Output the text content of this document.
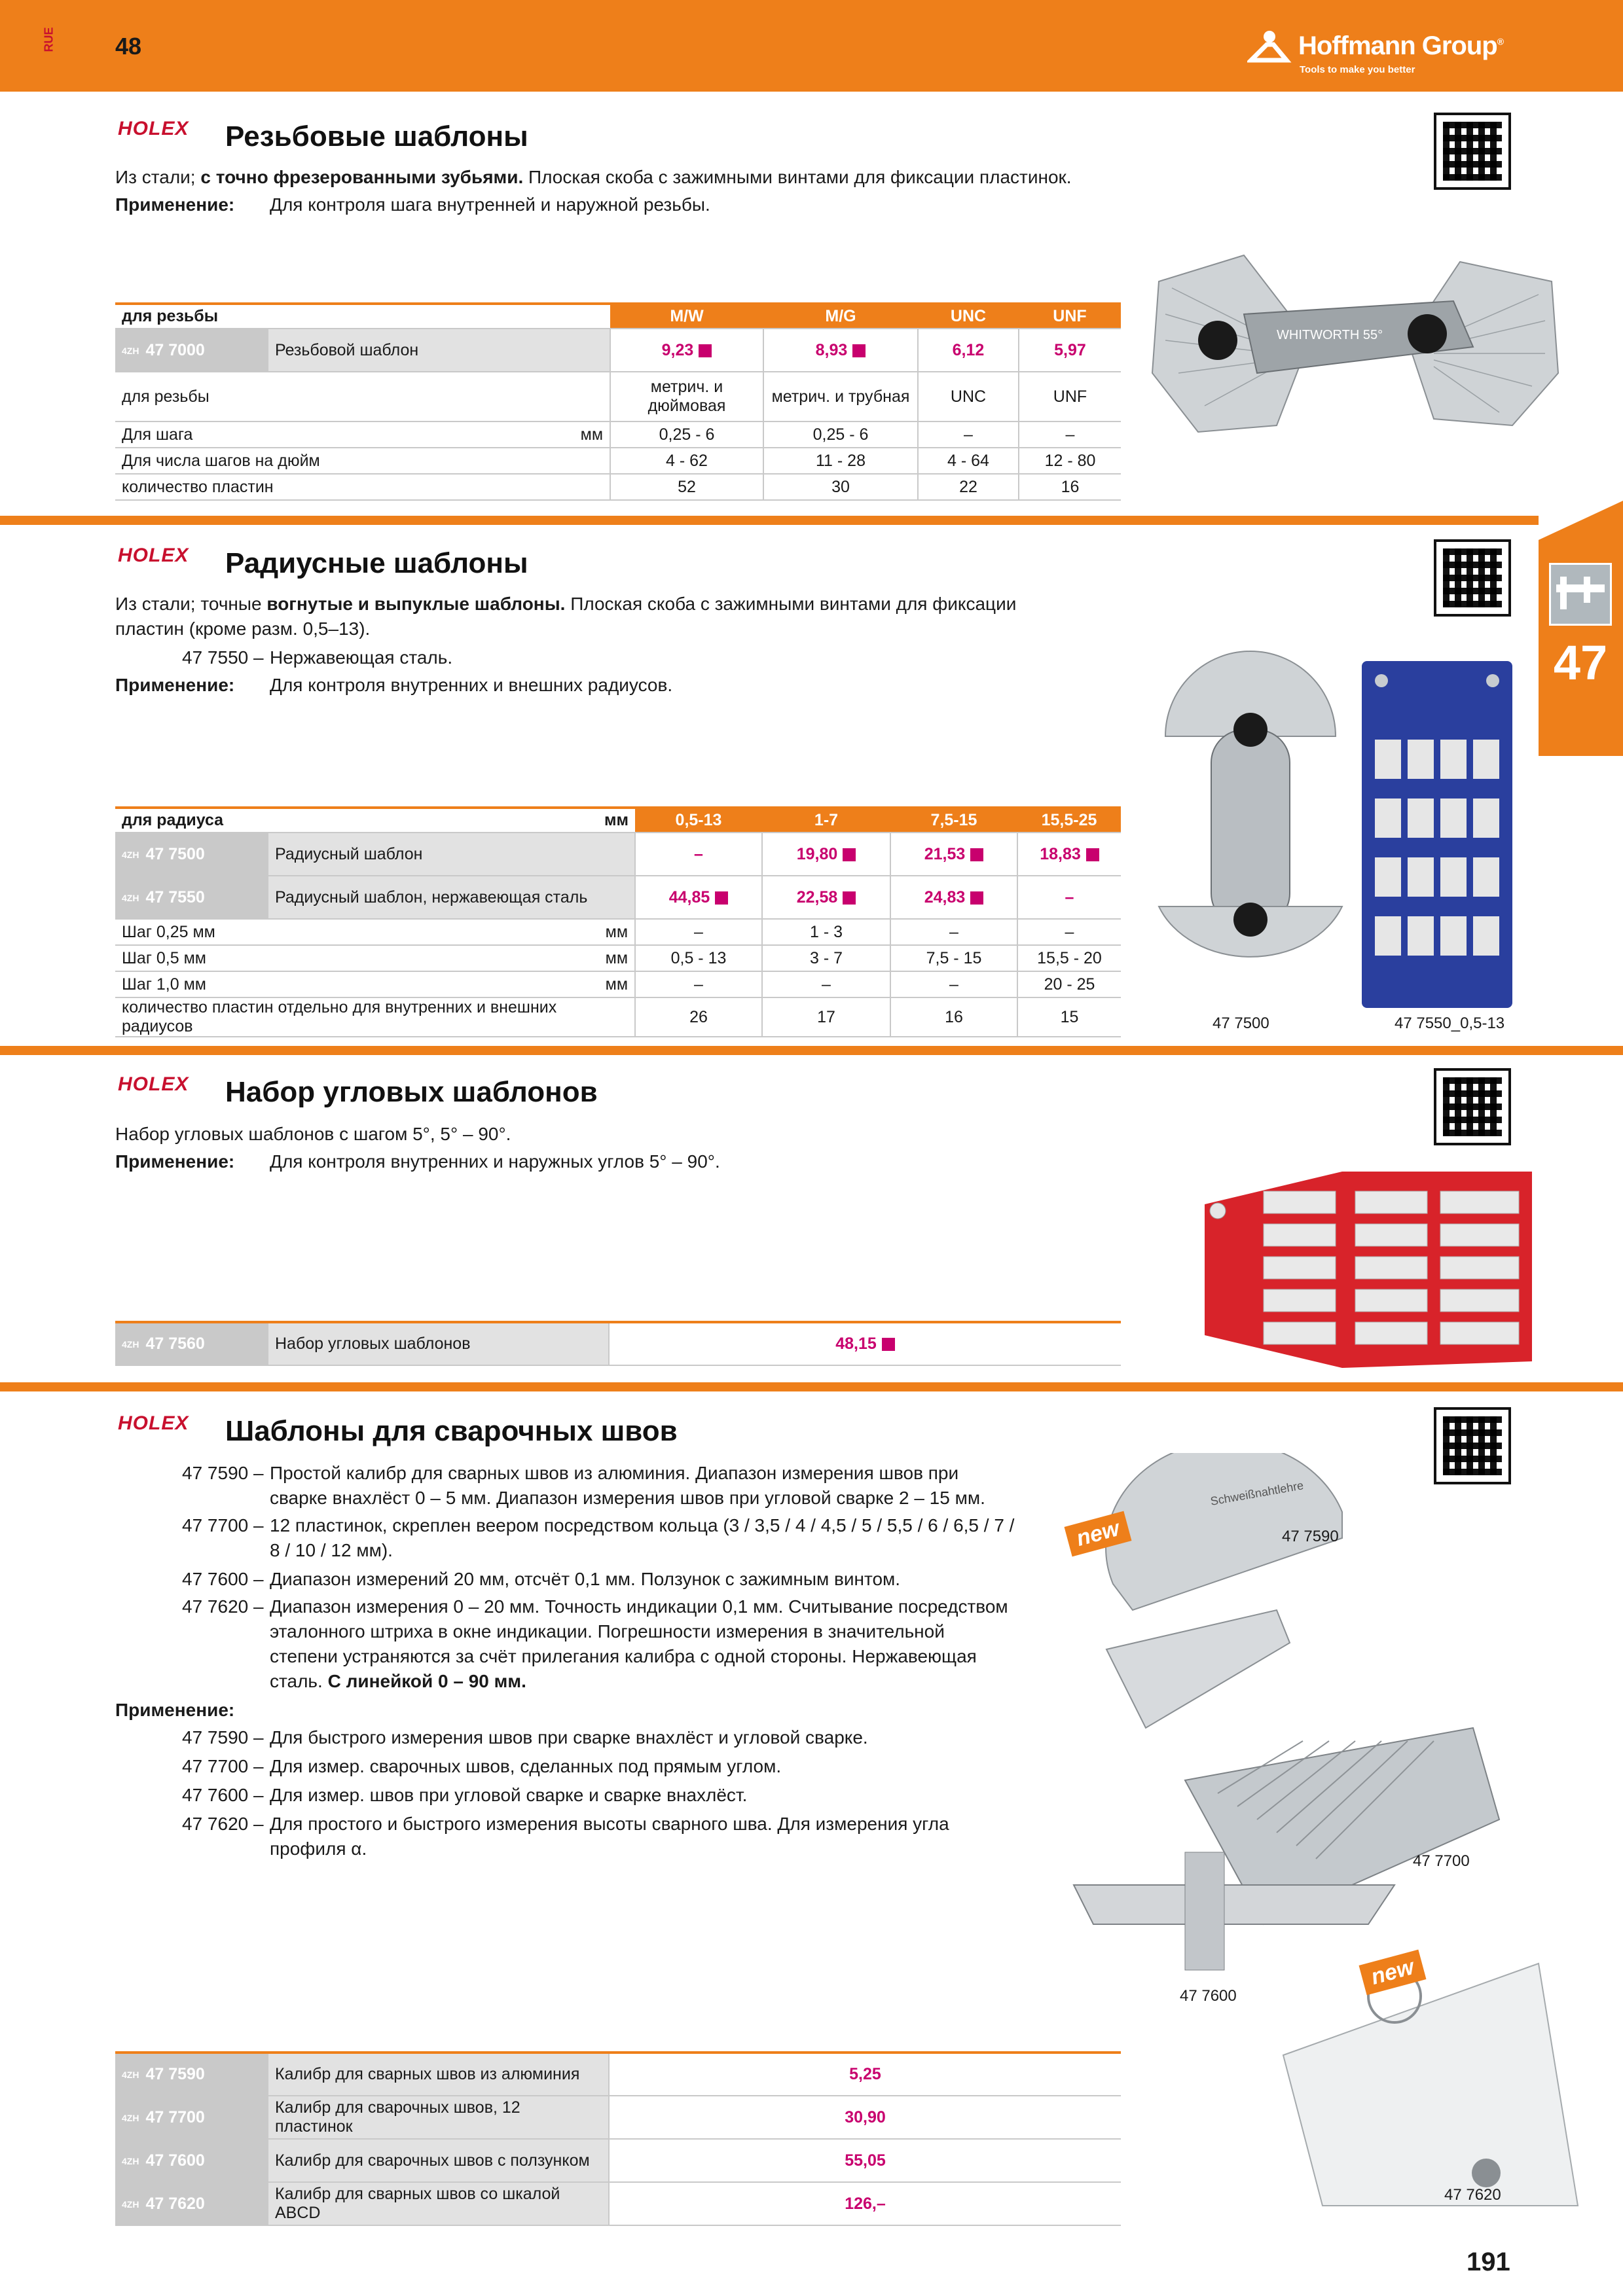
RUE	48	Hoffmann Group®
Tools to make you better
47
HOLEX Резьбовые шаблоны
Из стали; с точно фрезерованными зубьями. Плоская скоба с зажимными винтами для фиксации пластинок.
Применение: Для контроля шага внутренней и наружной резьбы.
WHITWORTH 55°
для резьбы		M/W	M/G	UNC	UNF
4ZH 47 7000	Резьбовой шаблон	9,23	8,93	6,12	5,97
для резьбы		метрич. и дюймовая	метрич. и трубная	UNC	UNF
Для шага	мм	0,25 - 6	0,25 - 6	–	–
Для числа шагов на дюйм		4 - 62	11 - 28	4 - 64	12 - 80
количество пластин		52	30	22	16
HOLEX Радиусные шаблоны
Из стали; точные вогнутые и выпуклые шаблоны. Плоская скоба с зажимными винтами для фиксации
пластин (кроме разм. 0,5–13).
47 7550 – Нержавеющая сталь.
Применение: Для контроля внутренних и внешних радиусов.
47 7500	47 7550_0,5-13
для радиуса	мм	0,5-13	1-7	7,5-15	15,5-25
4ZH 47 7500	Радиусный шаблон	–	19,80	21,53	18,83
4ZH 47 7550	Радиусный шаблон, нержавеющая сталь	44,85	22,58	24,83	–
Шаг 0,25 мм	мм	–	1 - 3	–	–
Шаг 0,5 мм	мм	0,5 - 13	3 - 7	7,5 - 15	15,5 - 20
Шаг 1,0 мм	мм	–	–	–	20 - 25
количество пластин отдельно для внутренних и внешних радиусов		26	17	16	15
HOLEX Набор угловых шаблонов
Набор угловых шаблонов с шагом 5°, 5° – 90°.
Применение: Для контроля внутренних и наружных углов 5° – 90°.
4ZH 47 7560	Набор угловых шаблонов	48,15
HOLEX Шаблоны для сварочных швов
47 7590 – Простой калибр для сварных швов из алюминия. Диапазон измерения швов при
сварке внахлёст 0 – 5 мм. Диапазон измерения швов при угловой сварке 2 – 15 мм.
47 7700 – 12 пластинок, скреплен веером посредством кольца (3 / 3,5 / 4 / 4,5 / 5 / 5,5 / 6 / 6,5 / 7 /
8 / 10 / 12 мм).
47 7600 – Диапазон измерений 20 мм, отсчёт 0,1 мм. Ползунок с зажимным винтом.
47 7620 – Диапазон измерения 0 – 20 мм. Точность индикации 0,1 мм. Считывание посредством
эталонного штриха в окне индикации. Погрешности измерения в значительной
степени устраняются за счёт прилегания калибра с одной стороны. Нержавеющая
сталь. С линейкой 0 – 90 мм.
Применение:
47 7590 – Для быстрого измерения швов при сварке внахлёст и угловой сварке.
47 7700 – Для измер. сварочных швов, сделанных под прямым углом.
47 7600 – Для измер. швов при угловой сварке и сварке внахлёст.
47 7620 – Для простого и быстрого измерения высоты сварного шва. Для измерения угла
профиля α.
Schweißnahtlehre
new
new
47 7590
47 7700
47 7600
47 7620
4ZH 47 7590	Калибр для сварных швов из алюминия	5,25
4ZH 47 7700	Калибр для сварочных швов, 12 пластинок	30,90
4ZH 47 7600	Калибр для сварочных швов с ползунком	55,05
4ZH 47 7620	Калибр для сварных швов со шкалой ABCD	126,–
191
